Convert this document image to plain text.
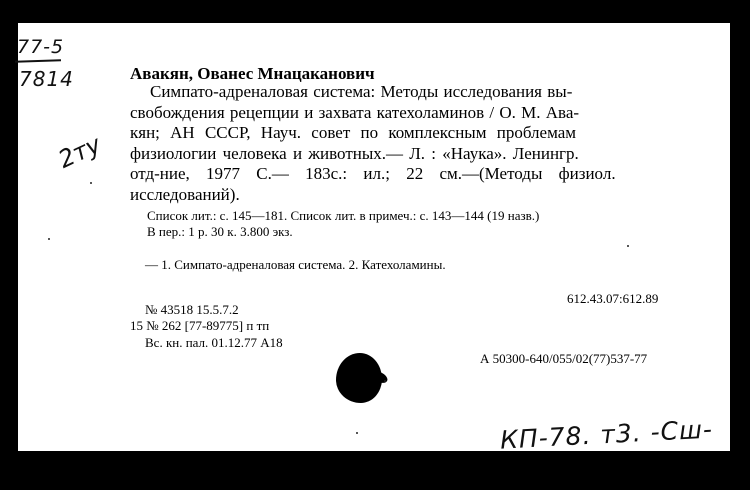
77-5
7814
2ту
Авакян, Ованес Мнацаканович
Симпато-адреналовая система: Методы исследования вы-
свобождения рецепции и захвата катехоламинов / О. М. Ава-
кян; АН СССР, Науч. совет по комплексным проблемам
физиологии человека и животных.— Л. : «Наука». Ленингр.
отд-ние, 1977 С.— 183с.: ил.; 22 см.—(Методы физиол.
исследований).
Список лит.: с. 145—181. Список лит. в примеч.: с. 143—144 (19 назв.)
В пер.: 1 р. 30 к. 3.800 экз.
— 1. Симпато-адреналовая система. 2. Катехоламины.
612.43.07:612.89
№ 43518 15.5.7.2
15 № 262 [77-89775] п тп
Вс. кн. пал. 01.12.77 А18
А 50300-640/055/02(77)537-77
КП-78. т3. -Сш-
